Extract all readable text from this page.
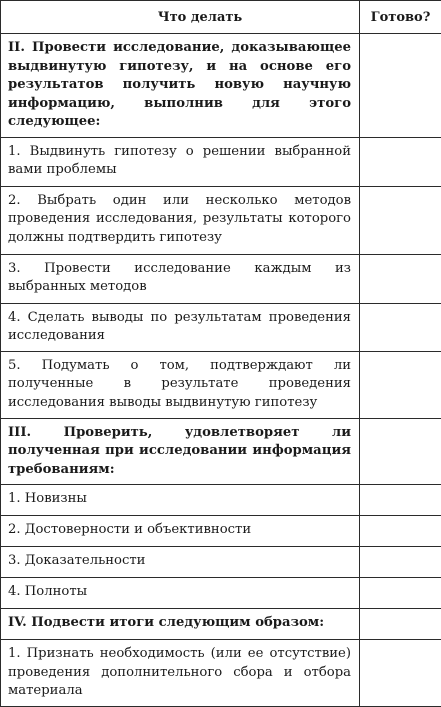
Что делать	Готово?

II. Провести исследование, доказывающее выдвинутую гипотезу, и на основе его результатов получить новую научную информацию, выполнив для этого следующее:	

1. Выдвинуть гипотезу о решении выбранной вами проблемы	

2. Выбрать один или несколько методов проведения исследования, результаты которого должны подтвердить гипотезу	

3. Провести исследование каждым из выбранных методов	

4. Сделать выводы по результатам проведения исследования	

5. Подумать о том, подтверждают ли полученные в результате проведения исследования выводы выдвинутую гипотезу	

III. Проверить, удовлетворяет ли полученная при исследовании информация требованиям:	

1. Новизны	

2. Достоверности и объективности	

3. Доказательности	

4. Полноты	

IV. Подвести итоги следующим образом:	

1. Признать необходимость (или ее отсутствие) проведения дополнительного сбора и отбора материала	
